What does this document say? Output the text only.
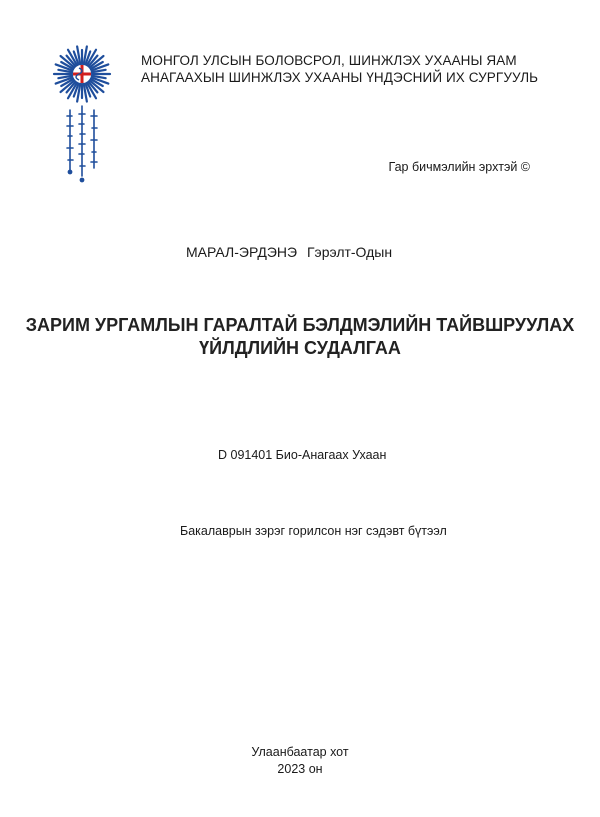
МОНГОЛ УЛСЫН БОЛОВСРОЛ, ШИНЖЛЭХ УХААНЫ ЯАМ
АНАГААХЫН ШИНЖЛЭХ УХААНЫ ҮНДЭСНИЙ ИХ СУРГУУЛЬ
Гар бичмэлийн эрхтэй ©
МАРАЛ-ЭРДЭНЭ Гэрэлт-Одын
ЗАРИМ УРГАМЛЫН ГАРАЛТАЙ БЭЛДМЭЛИЙН ТАЙВШРУУЛАХ
ҮЙЛДЛИЙН СУДАЛГАА
D 091401 Био-Анагаах Ухаан
Бакалаврын зэрэг горилсон нэг сэдэвт бүтээл
Улаанбаатар хот
2023 он
